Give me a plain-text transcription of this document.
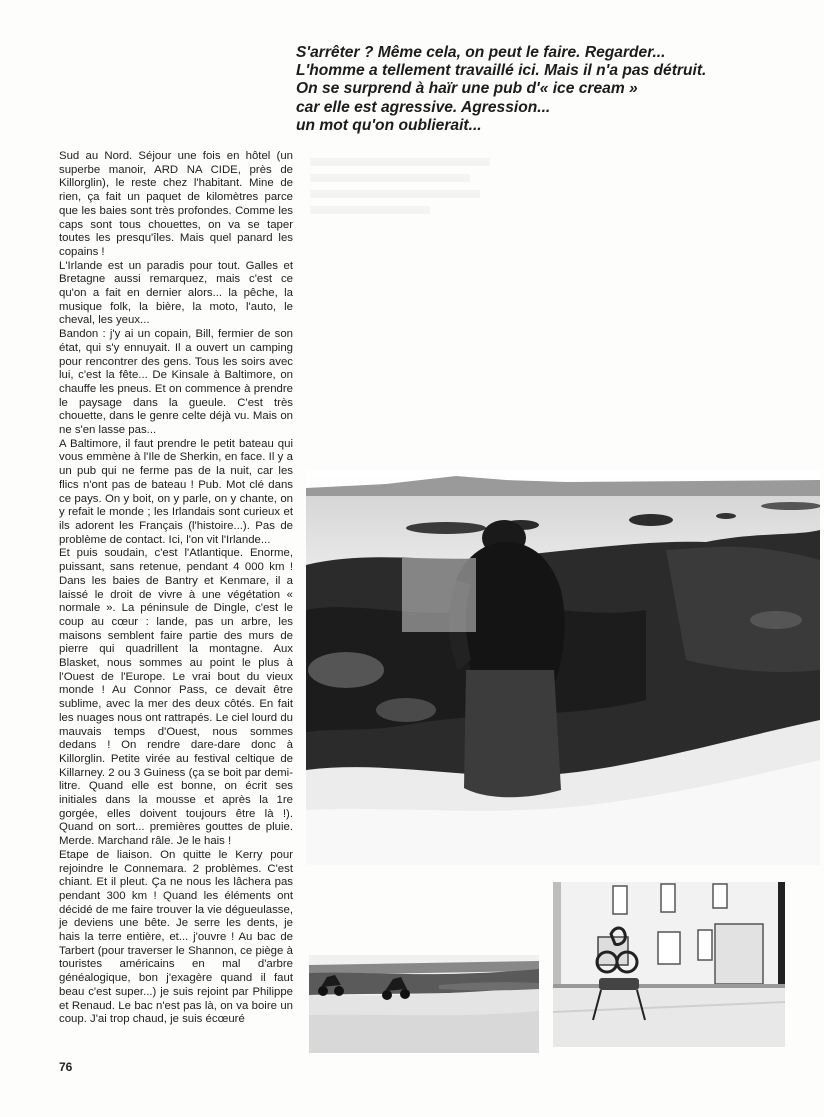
S'arrêter ? Même cela, on peut le faire. Regarder...
L'homme a tellement travaillé ici. Mais il n'a pas détruit.
On se surprend à haïr une pub d'« ice cream »
car elle est agressive. Agression...
un mot qu'on oublierait...

Sud au Nord. Séjour une fois en hôtel (un superbe manoir, ARD NA CIDE, près de Killorglin), le reste chez l'habitant. Mine de rien, ça fait un paquet de kilomètres parce que les baies sont très profondes. Comme les caps sont tous chouettes, on va se taper toutes les presqu'îles. Mais quel panard les copains !

L'Irlande est un paradis pour tout. Galles et Bretagne aussi remarquez, mais c'est ce qu'on a fait en dernier alors... la pêche, la musique folk, la bière, la moto, l'auto, le cheval, les yeux...

Bandon : j'y ai un copain, Bill, fermier de son état, qui s'y ennuyait. Il a ouvert un camping pour rencontrer des gens. Tous les soirs avec lui, c'est la fête... De Kinsale à Baltimore, on chauffe les pneus. Et on commence à prendre le paysage dans la gueule. C'est très chouette, dans le genre celte déjà vu. Mais on ne s'en lasse pas...

A Baltimore, il faut prendre le petit bateau qui vous emmène à l'Ile de Sherkin, en face. Il y a un pub qui ne ferme pas de la nuit, car les flics n'ont pas de bateau ! Pub. Mot clé dans ce pays. On y boit, on y parle, on y chante, on y refait le monde ; les Irlandais sont curieux et ils adorent les Français (l'histoire...). Pas de problème de contact. Ici, l'on vit l'Irlande...

Et puis soudain, c'est l'Atlantique. Enorme, puissant, sans retenue, pendant 4 000 km ! Dans les baies de Bantry et Kenmare, il a laissé le droit de vivre à une végétation « normale ». La péninsule de Dingle, c'est le coup au cœur : lande, pas un arbre, les maisons semblent faire partie des murs de pierre qui quadrillent la montagne. Aux Blasket, nous sommes au point le plus à l'Ouest de l'Europe. Le vrai bout du vieux monde ! Au Connor Pass, ce devait être sublime, avec la mer des deux côtés. En fait les nuages nous ont rattrapés. Le ciel lourd du mauvais temps d'Ouest, nous sommes dedans ! On rendre dare-dare donc à Killorglin. Petite virée au festival celtique de Killarney. 2 ou 3 Guiness (ça se boit par demi-litre. Quand elle est bonne, on écrit ses initiales dans la mousse et après la 1re gorgée, elles doivent toujours être là !). Quand on sort... premières gouttes de pluie. Merde. Marchand râle. Je le hais !

Etape de liaison. On quitte le Kerry pour rejoindre le Connemara. 2 problèmes. C'est chiant. Et il pleut. Ça ne nous les lâchera pas pendant 300 km ! Quand les éléments ont décidé de me faire trouver la vie dégueulasse, je deviens une bête. Je serre les dents, je hais la terre entière, et... j'ouvre ! Au bac de Tarbert (pour traverser le Shannon, ce piège à touristes américains en mal d'arbre généalogique, bon j'exagère quand il faut beau c'est super...) je suis rejoint par Philippe et Renaud. Le bac n'est pas là, on va boire un coup. J'ai trop chaud, je suis écœuré

76
